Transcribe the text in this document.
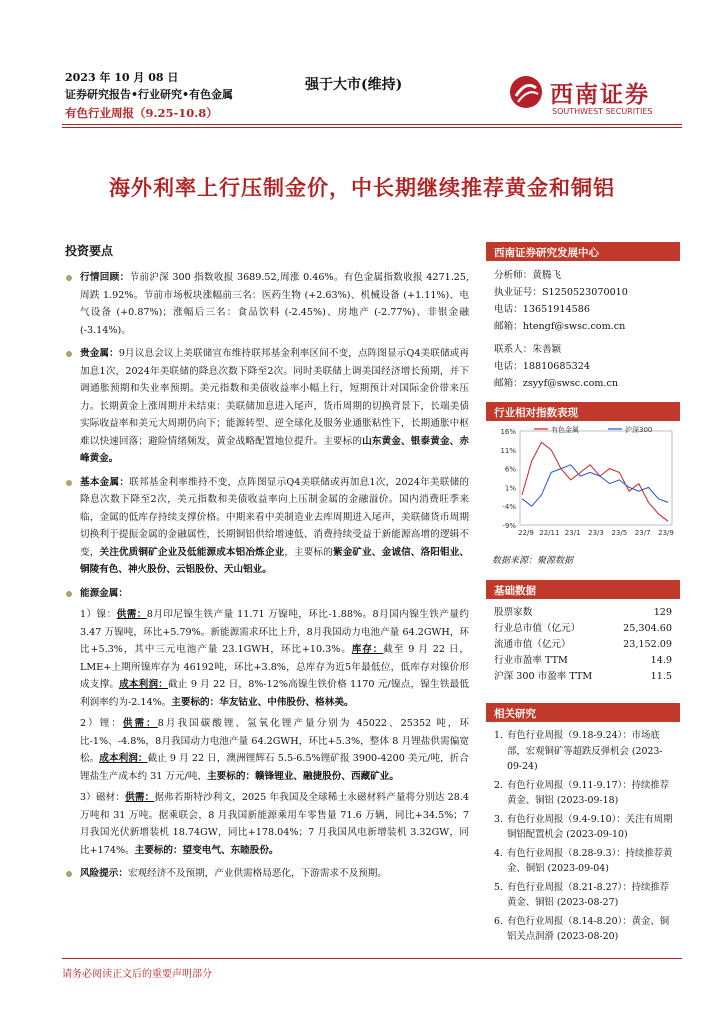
2023 年 10 月 08 日
证券研究报告•行业研究•有色金属
有色行业周报（9.25-10.8）
强于大市(维持)	西南证券
SOUTHWEST SECURITIES
海外利率上行压制金价，中长期继续推荐黄金和铜铝
投资要点
行情回顾：节前沪深 300 指数收报 3689.52,周涨 0.46%。有色金属指数收报 4271.25,周跌 1.92%。节前市场板块涨幅前三名：医药生物 (+2.63%)、机械设备 (+1.11%)、电气设备 (+0.87%)；涨幅后三名：食品饮料 (-2.45%)、房地产 (-2.77%)、非银金融 (-3.14%)。
贵金属：9月议息会议上美联储宣布维持联邦基金利率区间不变，点阵图显示Q4美联储或再加息1次，2024年美联储的降息次数下降至2次。同时美联储上调美国经济增长预期，并下调通胀预期和失业率预期。美元指数和美债收益率小幅上行，短期预计对国际金价带来压力。长期黄金上涨周期并未结束：美联储加息进入尾声，货币周期的切换背景下，长端美债实际收益率和美元大周期仍向下；能源转型、逆全球化及服务业通胀粘性下，长期通胀中枢难以快速回落；避险情绪频发，黄金战略配置地位提升。主要标的山东黄金、银泰黄金、赤峰黄金。
基本金属：联邦基金利率维持不变，点阵图显示Q4美联储或再加息1次，2024年美联储的降息次数下降至2次，美元指数和美债收益率向上压制金属的金融溢价。国内消费旺季来临，金属的低库存持续支撑价格。中期来看中美制造业去库周期进入尾声，美联储货币周期切换利于提振金属的金融属性，长期铜铝供给增速低、消费持续受益于新能源高增的逻辑不变，关注优质铜矿企业及低能源成本铝冶炼企业，主要标的紫金矿业、金诚信、洛阳钼业、铜陵有色、神火股份、云铝股份、天山铝业。
能源金属：
1）镍：供需：8月印尼镍生铁产量 11.71 万镍吨，环比-1.88%。8月国内镍生铁产量约 3.47 万镍吨，环比+5.79%。新能源需求环比上升，8月我国动力电池产量 64.2GWH，环比+5.3%，其中三元电池产量 23.1GWH，环比+10.3%。库存：截至 9 月 22 日，LME+上期所镍库存为 46192吨，环比+3.8%，总库存为近5年最低位，低库存对镍价形成支撑。成本利润：截止 9 月 22 日，8%-12%高镍生铁价格 1170 元/镍点，镍生铁最低利润率约为-2.14%。主要标的：华友钴业、中伟股份、格林美。
2）锂：供需：8月我国碳酸锂、氢氧化锂产量分别为 45022、25352 吨，环比-1%、-4.8%，8月我国动力电池产量 64.2GWH，环比+5.3%，整体 8 月锂盐供需偏宽松。成本利润：截止 9 月 22 日，澳洲锂辉石 5.5-6.5%锂矿报 3900-4200 美元/吨，折合锂盐生产成本约 31 万元/吨，主要标的：赣锋锂业、融捷股份、西藏矿业。
3）磁材：供需：据弗若斯特沙利文，2025 年我国及全球稀土永磁材料产量将分别达 28.4 万吨和 31 万吨。据乘联会，8 月我国新能源乘用车零售量 71.6 万辆，同比+34.5%；7 月我国光伏新增装机 18.74GW，同比+178.04%；7 月我国风电新增装机 3.32GW，同比+174%。主要标的：望变电气、东睦股份。
风险提示：宏观经济不及预期，产业供需格局恶化，下游需求不及预期。
西南证券研究发展中心
分析师：黄腾飞
执业证号：S1250523070010
电话：13651914586
邮箱：htengf@swsc.com.cn
联系人：朱善颖
电话：18810685324
邮箱：zsyyf@swsc.com.cn
行业相对指数表现
16%
11%
6%
1%
-4%
-9%
22/9 22/11 23/1 23/3 23/5 23/7 23/9
有色金属	沪深300
数据来源：聚源数据
基础数据
股票家数	129
行业总市值（亿元）	25,304.60
流通市值（亿元）	23,152.09
行业市盈率 TTM	14.9
沪深 300 市盈率 TTM	11.5
相关研究
1. 有色行业周报（9.18-9.24）：市场底部，宏观铜矿等超跌反弹机会 (2023-09-24)
2. 有色行业周报（9.11-9.17）：持续推荐黄金、铜铝 (2023-09-18)
3. 有色行业周报（9.4-9.10）：关注有周期铜铝配置机会 (2023-09-10)
4. 有色行业周报（8.28-9.3）：持续推荐黄金、铜铝 (2023-09-04)
5. 有色行业周报（8.21-8.27）：持续推荐黄金、铜铝 (2023-08-27)
6. 有色行业周报（8.14-8.20）：黄金、铜铝关点润滑 (2023-08-20)
请务必阅读正文后的重要声明部分
